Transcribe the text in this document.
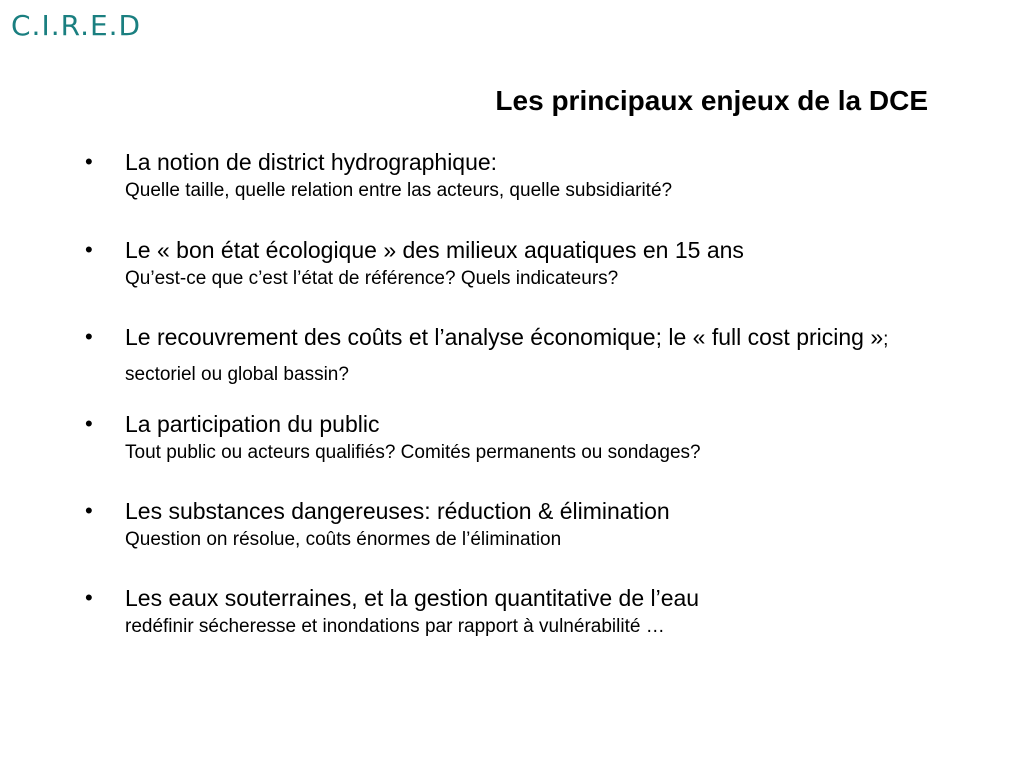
C.I.R.E.D
Les principaux enjeux de la DCE
• La notion de district hydrographique:
Quelle taille, quelle relation entre las acteurs, quelle subsidiarité?
• Le « bon état écologique » des milieux aquatiques en 15 ans
Qu’est-ce que c’est l’état de référence? Quels indicateurs?
• Le recouvrement des coûts et l’analyse économique; le « full cost pricing »; sectoriel ou global bassin?
• La participation du public
Tout public ou acteurs qualifiés? Comités permanents ou sondages?
• Les substances dangereuses: réduction & élimination
Question on résolue, coûts énormes de l’élimination
• Les eaux souterraines, et la gestion quantitative de l’eau
redéfinir sécheresse et inondations par rapport à vulnérabilité …
